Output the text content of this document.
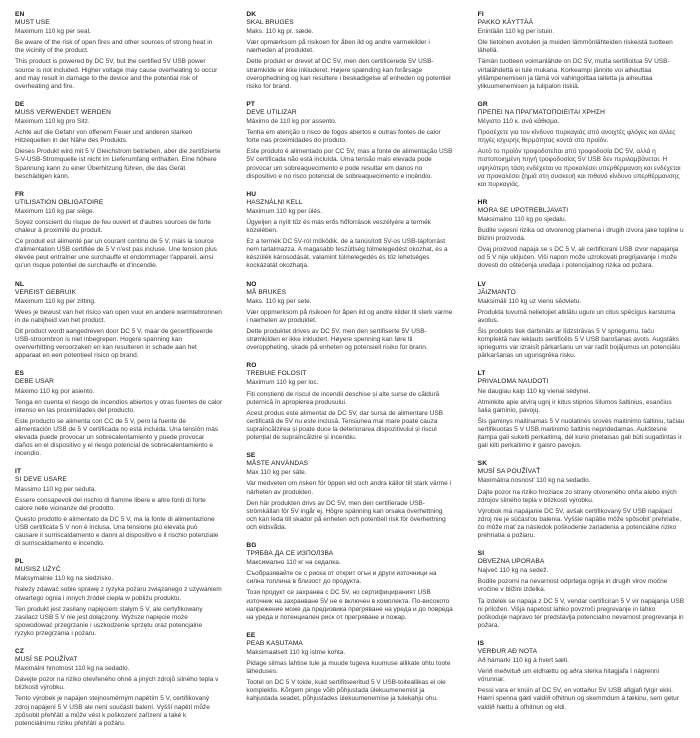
EN
MUST USE

Maximum 110 kg per seat.

Be aware of the risk of open fires and other sources of strong heat in the vicinity of the product.

This product is powered by DC 5V, but the certified 5V USB power source is not included. Higher voltage may cause overheating to occur and may result in damage to the device and the potential risk of overheating and fire.

DE
MUSS VERWENDET WERDEN

Maximum 110 kg pro Sitz.

Achte auf die Gefahr von offenem Feuer und anderen starken Hitzequellen in der Nähe des Produkts.

Dieses Produkt wird mit 5 V Gleichstrom betrieben, aber die zertifizierte 5-V-USB-Stromquelle ist nicht im Lieferumfang enthalten. Eine höhere Spannung kann zu einer Überhitzung führen, die das Gerät beschädigen kann.

FR
UTILISATION OBLIGATOIRE

Maximum 110 kg par siège.

Soyez conscient du risque de feu ouvert et d'autres sources de forte chaleur à proximité du produit.

Ce produit est alimenté par un courant continu de 5 V, mais la source d'alimentation USB certifiée de 5 V n'est pas incluse. Une tension plus élevée peut entraîner une surchauffe et endommager l'appareil, ainsi qu'un risque potentiel de surchauffe et d'incendie.

NL
VEREIST GEBRUIK

Maximum 110 kg per zitting.

Wees je bewust van het risico van open vuur en andere warmtebronnen in de nabijheid van het product.

Dit product wordt aangedreven door DC 5 V, maar de gecertificeerde USB-stroombron is niet inbegrepen. Hogere spanning kan oververhitting veroorzaken en kan resulteren in schade aan het apparaat en een potentieel risico op brand.

ES
DEBE USAR

Máximo 110 kg por asiento.

Tenga en cuenta el riesgo de incendios abiertos y otras fuentes de calor intenso en las proximidades del producto.

Este producto se alimenta con CC de 5 V, pero la fuente de alimentación USB de 5 V certificada no está incluida. Una tensión más elevada puede provocar un sobrecalentamiento y puede provocar daños en el dispositivo y el riesgo potencial de sobrecalentamiento e incendio.

IT
SI DEVE USARE

Massimo 110 kg per seduta.

Essere consapevoli del rischio di fiamme libere e altre fonti di forte calore nelle vicinanze del prodotto.

Questo prodotto è alimentato da DC 5 V, ma la fonte di alimentazione USB certificata 5 V non è inclusa. Una tensione più elevata può causare il surriscaldamento e danni al dispositivo e il rischio potenziale di surriscaldamento e incendio.

PL
MUSISZ UŻYĆ

Maksymalnie 110 kg na siedzisko.

Należy zdawać sobie sprawę z ryzyka pożaru związanego z używaniem otwartego ognia i innych źródeł ciepła w pobliżu produktu.

Ten produkt jest zasilany napięciem stałym 5 V, ale certyfikowany zasilacz USB 5 V nie jest dołączony. Wyższe napięcie może spowodować przegrzanie i uszkodzenie sprzętu oraz potencjalne ryzyko przegrzania i pożaru.

CZ
MUSÍ SE POUŽÍVAT

Maximální hmotnost 110 kg na sedadlo.

Dávejte pozor na riziko otevřeného ohně a jiných zdrojů silného tepla v blízkosti výrobku.

Tento výrobek je napájen stejnosměrným napětím 5 V, certifikovaný zdroj napájení 5 V USB ale není součástí balení. Vyšší napětí může způsobit přehřátí a může vést k poškození zařízení a také k potenciálnímu riziku přehřátí a požáru.

DK
SKAL BRUGES

Maks. 110 kg pr. sæde.

Vær opmærksom på risikoen for åben ild og andre varmekilder i nærheden af produktet.

Dette produkt er drevet af DC 5V, men den certificerede 5V USB-strømkilde er ikke inkluderet. Højere spænding kan forårsage overophedning og kan resultere i beskadigelse af enheden og potentiel risiko for brand.

PT
DEVE UTILIZAR

Máximo de 110 kg por assento.

Tenha em atenção o risco de fogos abertos e outras fontes de calor forte nas proximidades do produto.

Este produto é alimentado por CC 5V, mas a fonte de alimentação USB 5V certificada não está incluída. Uma tensão mais elevada pode provocar um sobreaquecimento e pode resultar em danos no dispositivo e no risco potencial de sobreaquecimento e incêndio.

HU
HASZNÁLNI KELL

Maximum 110 kg per ülés.

Ügyeljen a nyílt tűz és más erős hőforrások veszélyére a termék közelében.

Ez a termék DC 5V-ról működik, de a tanúsított 5V-os USB-tápforrást nem tartalmazza. A magasabb feszültség túlmelegedést okozhat, és a készülék károsodását, valamint túlmelegedés és tűz lehetséges kockázatát okozhatja.

NO
MÅ BRUKES

Maks. 110 kg per sete.

Vær oppmerksom på risikoen for åpen ild og andre kilder til sterk varme i nærheten av produktet.

Dette produktet drives av DC 5V, men den sertifiserte 5V USB-strømkilden er ikke inkludert. Høyere spenning kan føre til overoppheting, skade på enheten og potensiell risiko for brann.

RO
TREBUIE FOLOSIT

Maximum 110 kg per loc.

Fiți conștienți de riscul de incendii deschise și alte surse de căldură puternică în apropierea produsului.

Acest produs este alimentat de DC 5V, dar sursa de alimentare USB certificată de 5V nu este inclusă. Tensiunea mai mare poate cauza supraîncălzirea și poate duce la deteriorarea dispozitivului și riscul potențial de supraîncălzire și incendiu.

SE
MÅSTE ANVÄNDAS

Max 110 kg per säte.

Var medveten om risken för öppen eld och andra källor till stark värme i närheten av produkten.

Den här produkten drivs av DC 5V, men den certifierade USB-strömkällan för 5V ingår ej. Högre spänning kan orsaka överhettning och kan leda till skador på enheten och potentiell risk för överhettning och eldsvåda.

BG
ТРЯБВА ДА СЕ ИЗПОЛЗВА

Максимално 110 кг на седалка.

Съобразявайте се с риска от открит огън и други източници на силна топлина в близост до продукта.

Този продукт се захранва с DC 5V, но сертифицираният USB източник на захранване 5V не е включен в комплекта. По-високото напрежение може да предизвика прегряване на уреда и до повреда на уреда и потенциален риск от прегряване и пожар.

EE
PEAB KASUTAMA

Maksimaalselt 110 kg istme kohta.

Pidage silmas lahtise tule ja muude tugeva kuumuse allikate ohtu toote läheduses.

Tootel on DC 5 V toide, kuid sertifitseeritud 5 V USB-toiteallikas ei ole komplektis. Kõrgem pinge võib põhjustada ülekuumenemist ja kahjustada seadet, põhjustades ülekuumenemise ja tulekahju ohu.

FI
PAKKO KÄYTTÄÄ

Enintään 110 kg per istuin.

Ole tietoinen avotulen ja muiden lämmönlähteiden riskeistä tuotteen lähellä.

Tämän tuotteen voimanlähde on DC 5V, mutta sertifioitua 5V USB-virtalähdettä ei tule mukana. Korkeampi jännite voi aiheuttaa ylilämpenemisen ja tämä voi vahingoittaa laitetta ja aiheuttaa ylikuumenemisen ja tulipalon riskiä.

GR
ΠΡΕΠΕΙ ΝΑ ΠΡΑΓΜΑΤΟΠΟΙΕΙΤΑΙ ΧΡΗΣΗ

Μέγιστο 110 κ. ανά κάθισμα.

Προσέχετε για τον κίνδυνο πυρκαγιάς από ανοιχτές φλόγες και άλλες πηγές ισχυρής θερμότητας κοντά στο προϊόν.

Αυτό το προϊόν τροφοδοτείται από τροφοδοσία DC 5V, αλλά η πιστοποιημένη πηγή τροφοδοσίας 5V USB δεν περιλαμβάνεται. Η υψηλότερη τάση ενδέχεται να προκαλέσει υπερθέρμανση και ενδέχεται να προκαλέσει ζημιά στη συσκευή και πιθανό κίνδυνο υπερθέρμανσης και πυρκαγιάς.

HR
MORA SE UPOTREBLJAVATI

Maksimalno 110 kg po sjedalu.

Budite svjesni rizika od otvorenog plamena i drugih izvora jake topline u blizini proizvoda.

Ovaj proizvod napaja se s DC 5 V, ali certificirani USB izvor napajanja od 5 V nije uključen. Viši napon može uzrokovati pregrijavanje i može dovesti do oštećenja uređaja i potencijalnog rizika od požara.

LV
JĀIZMANTO

Maksimāli 110 kg uz vienu sēdvietu.

Produkta tuvumā nelietojiet atklātu uguni un citus spēcīgus karstuma avotus.

Šis produkts tiek darbināts ar līdzstrāvas 5 V spriegumu, taču komplektā nav iekļauts sertificēts 5 V USB barošanas avots. Augstāks spriegums var izraisīt pārkaršanu un var radīt bojājumus un potenciālu pārkaršanas un ugunsgrēka risku.

LT
PRIVALOMA NAUDOTI

Ne daugiau kaip 110 kg vienai sėdynei.

Atminkite apie atvirą ugnį ir kitus stiprios šilumos šaltinius, esančius šalia gaminio, pavojų.

Šis gaminys maitinamas 5 V nuolatinės srovės maitinimo šaltiniu, tačiau sertifikuotas 5 V USB maitinimo šaltinis nepridedamas. Aukštesnė įtampa gali sukelti perkaitimą, dėl kurio prietaisas gali būti sugadintas ir gali kilti perkaitimo ir gaisro pavojus.

SK
MUSÍ SA POUŽÍVAŤ

Maximálna nosnosť 110 kg na sedadlo.

Dajte pozor na riziko hroziace zo strany otvoreného ohňa alebo iných zdrojov silného tepla v blízkosti výrobku.

Výrobok má napájanie DC 5V, avšak certifikovaný 5V USB napájací zdroj nie je súčasťou balenia. Vyššie napätie môže spôsobiť prehriatie, čo môže mať za následok poškodenie zariadenia a potenciálne riziko prehriatia a požiaru.

SI
OBVEZNA UPORABA

Največ 110 kg na sedež.

Bodite pozorni na nevarnost odprtega ognja in drugih virov močne vročine v bližini izdelka.

Ta izdelek se napaja z DC 5 V, vendar certificiran 5 V vir napajanja USB ni priložen. Višja napetost lahko povzroči pregrevanje in lahko poškoduje napravo ter predstavlja potencialno nevarnost pregrevanja in požara.

IS
VERÐUR AÐ NOTA

Að hámarki 110 kg á hvert sæti.

Verið meðvituð um eldhættu og aðra sterka hitagjafa í nágrenni vörunnar.

Þessi vara er knúin af DC 5V, en vottaður 5V USB aflgjafi fylgir ekki. Hærri spenna gæti valdið ofhitnun og skemmdum á tækinu, sem getur valdið hættu á ofhitnun og eldi.
